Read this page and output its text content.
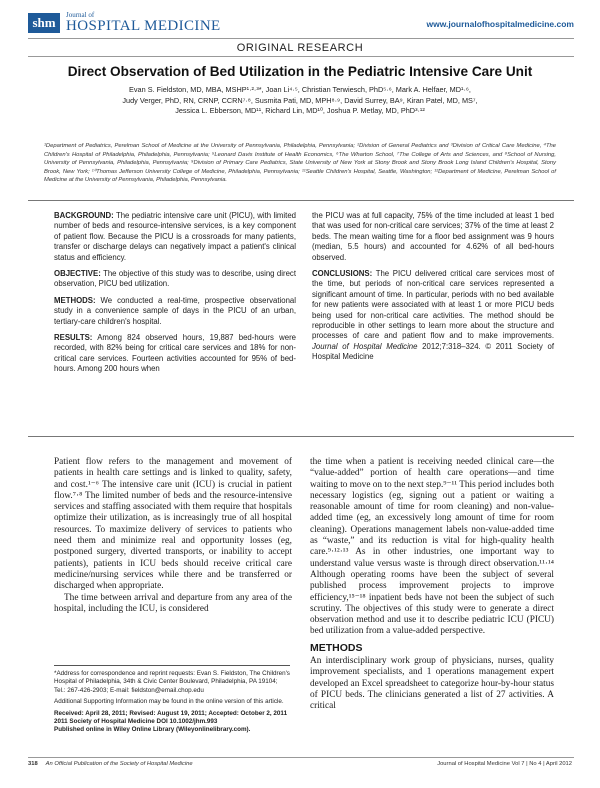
shm	Journal of
HOSPITAL MEDICINE	www.journalofhospitalmedicine.com
ORIGINAL RESEARCH
Direct Observation of Bed Utilization in the Pediatric Intensive Care Unit
Evan S. Fieldston, MD, MBA, MSHP¹·²·³*, Joan Li⁴·⁵, Christian Terwiesch, PhD⁵·⁶, Mark A. Helfaer, MD¹·⁶,
Judy Verger, PhD, RN, CRNP, CCRN⁷·⁸, Susmita Pati, MD, MPH⁸·⁹, David Surrey, BA⁹, Kiran Patel, MD, MS⁷,
Jessica L. Ebberson, MD¹¹, Richard Lin, MD¹⁰, Joshua P. Metlay, MD, PhD³·¹²
¹Department of Pediatrics, Perelman School of Medicine at the University of Pennsylvania, Philadelphia, Pennsylvania; ²Division of General Pediatrics and ³Division of Critical Care Medicine, ⁴The Children's Hospital of Philadelphia, Philadelphia, Pennsylvania; ⁵Leonard Davis Institute of Health Economics, ⁶The Wharton School, ⁷The College of Arts and Sciences, and ⁸School of Nursing, University of Pennsylvania, Philadelphia, Pennsylvania; ⁹Division of Primary Care Pediatrics, State University of New York at Stony Brook and Stony Brook Long Island Children's Hospital, Stony Brook, New York; ¹⁰Thomas Jefferson University College of Medicine, Philadelphia, Pennsylvania; ¹¹Seattle Children's Hospital, Seattle, Washington; ¹²Department of Medicine, Perelman School of Medicine at the University of Pennsylvania, Philadelphia, Pennsylvania.

BACKGROUND: The pediatric intensive care unit (PICU), with limited number of beds and resource-intensive services, is a key component of patient flow. Because the PICU is a crossroads for many patients, transfer or discharge delays can negatively impact a patient's clinical status and efficiency.

OBJECTIVE: The objective of this study was to describe, using direct observation, PICU bed utilization.

METHODS: We conducted a real-time, prospective observational study in a convenience sample of days in the PICU of an urban, tertiary-care children's hospital.

RESULTS: Among 824 observed hours, 19,887 bed-hours were recorded, with 82% being for critical care services and 18% for non-critical care services. Fourteen activities accounted for 95% of bed-hours. Among 200 hours when

the PICU was at full capacity, 75% of the time included at least 1 bed that was used for non-critical care services; 37% of the time at least 2 beds. The mean waiting time for a floor bed assignment was 9 hours (median, 5.5 hours) and accounted for 4.62% of all bed-hours observed.

CONCLUSIONS: The PICU delivered critical care services most of the time, but periods of non-critical care services represented a significant amount of time. In particular, periods with no bed available for new patients were associated with at least 1 or more PICU beds being used for non-critical care activities. The method should be reproducible in other settings to learn more about the structure and processes of care and patient flow and to make improvements. Journal of Hospital Medicine 2012;7:318–324. © 2011 Society of Hospital Medicine

Patient flow refers to the management and movement of patients in health care settings and is linked to quality, safety, and cost.¹⁻⁶ The intensive care unit (ICU) is crucial in patient flow.⁷·⁸ The limited number of beds and the resource-intensive services and staffing associated with them require that hospitals optimize their utilization, as is increasingly true of all hospital resources. To maximize delivery of services to patients who need them and minimize real and opportunity losses (eg, postponed surgery, diverted transports, or inability to accept patients), patients in ICU beds should receive critical care medicine/nursing services while there and be transferred or discharged when appropriate.

The time between arrival and departure from any area of the hospital, including the ICU, is considered

*Address for correspondence and reprint requests: Evan S. Fieldston, The Children's Hospital of Philadelphia, 34th & Civic Center Boulevard, Philadelphia, PA 19104; Tel.: 267-426-2903; E-mail: fieldston@email.chop.edu

Additional Supporting Information may be found in the online version of this article.

Received: April 28, 2011; Revised: August 19, 2011; Accepted: October 2, 2011

2011 Society of Hospital Medicine DOI 10.1002/jhm.993

Published online in Wiley Online Library (Wileyonlinelibrary.com).

the time when a patient is receiving needed clinical care—the “value-added” portion of health care operations—and time waiting to move on to the next step.⁹⁻¹¹ This period includes both necessary logistics (eg, signing out a patient or waiting a reasonable amount of time for room cleaning) and non-value-added time (eg, an excessively long amount of time for room cleaning). Operations management labels non-value-added time as “waste,” and its reduction is vital for high-quality health care.⁹·¹²·¹³ As in other industries, one important way to understand value versus waste is through direct observation.¹¹·¹⁴ Although operating rooms have been the subject of several published process improvement projects to improve efficiency,¹⁵⁻¹⁸ inpatient beds have not been the subject of such scrutiny. The objectives of this study were to generate a direct observation method and use it to describe pediatric ICU (PICU) bed utilization from a value-added perspective.

METHODS

An interdisciplinary work group of physicians, nurses, quality improvement specialists, and 1 operations management expert developed an Excel spreadsheet to categorize hour-by-hour status of PICU beds. The clinicians generated a list of 27 activities. A critical

318 An Official Publication of the Society of Hospital Medicine	Journal of Hospital Medicine Vol 7 | No 4 | April 2012
